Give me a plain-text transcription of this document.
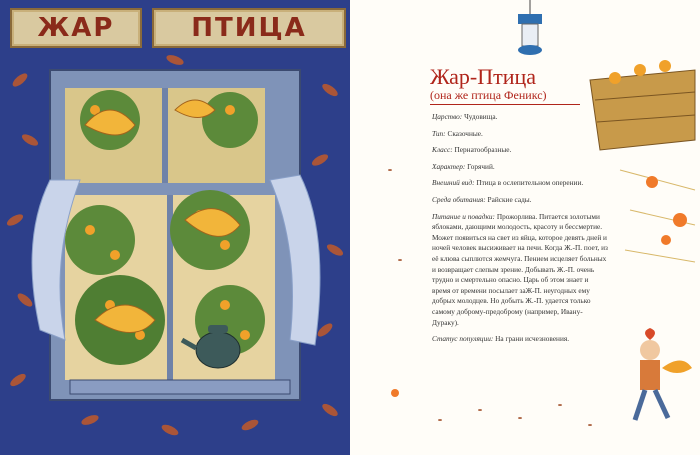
ЖАР	ПТИЦА
Жар-Птица
(она же птица Феникс)

Царство: Чудовища.

Тип: Сказочные.

Класс: Пернатообразные.

Характер: Горячий.

Внешний вид: Птица в ослепительном оперении.

Среда обитания: Райские сады.

Питание и повадки: Прожорлива. Питается золотыми яблоками, дающими молодость, красоту и бессмертие. Может появиться на свет из яйца, которое девять дней и ночей человек высиживает на печи. Когда Ж.-П. поет, из её клюва сыплются жемчуга. Пением исцеляет больных и возвращает слепым зрение. Добывать Ж.-П. очень трудно и смертельно опасно. Царь об этом знает и время от времени посылает заЖ-П. неугодных ему добрых молодцев. Но добыть Ж.-П. удается только самому доброму-предоброму (например, Ивану-Дураку).

Статус популяции: На грани исчезновения.
